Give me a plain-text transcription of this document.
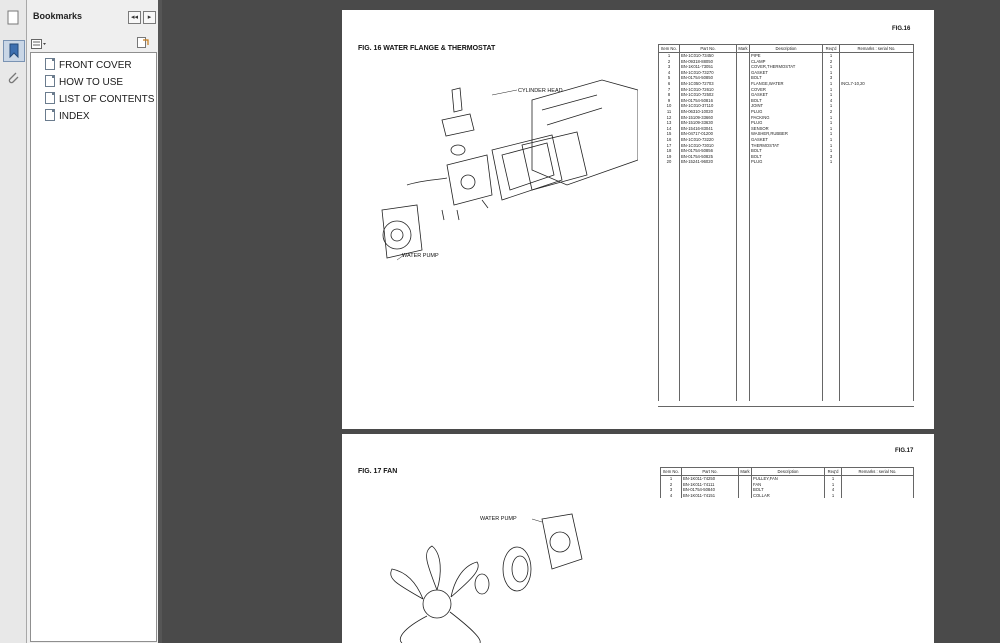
Bookmarks	◂◂	▸
FRONT COVER
HOW TO USE
LIST OF CONTENTS
INDEX
FIG. 16 WATER FLANGE & THERMOSTAT
CYLINDER HEAD
WATER PUMP
FIG.16
Item No.	Part No.	Mark	Description	Req'd	Remarks : serial No.
1	BN-1C010-73450		PIPE	1	
2	BN-09318-88050		CLAMP	2	
3	BN-1K011-73051		COVER,THERMOSTAT	1	
4	BN-1C010-73270		GASKET	1	
5	BN-01754-50850		BOLT	3	
6	BN-1C050-72703		FLANGE,WATER	1	INCL7-10,20
7	BN-1C010-72610		COVER	1	
8	BN-1C010-72502		GASKET	1	
9	BN-01754-50816		BOLT	4	
10	BN-1C010-37110		JOINT	1	
11	BN-06310-10020		PLUG	2	
12	BN-15109-33660		PACKING	1	
13	BN-15109-33630		PLUG	1	
14	BN-15416-83041		SENSOR	1	
15	BN-04717-01200		WASHER,RUBBER	1	
16	BN-1C010-73220		GASKET	1	
17	BN-1C010-73010		THERMOSTAT	1	
18	BN-01754-50856		BOLT	1	
19	BN-01754-50825		BOLT	3	
20	BN-15241-96020		PLUG	1	

FIG. 17 FAN
WATER PUMP
FIG.17
Item No.	Part No.	Mark	Description	Req'd	Remarks : serial No.
1	BN-1K011-74250		PULLEY,FAN	1	
2	BN-1K011-74111		FAN	1	
3	BN-01754-50840		BOLT	4	
4	BN-1K011-74151		COLLAR	1	
